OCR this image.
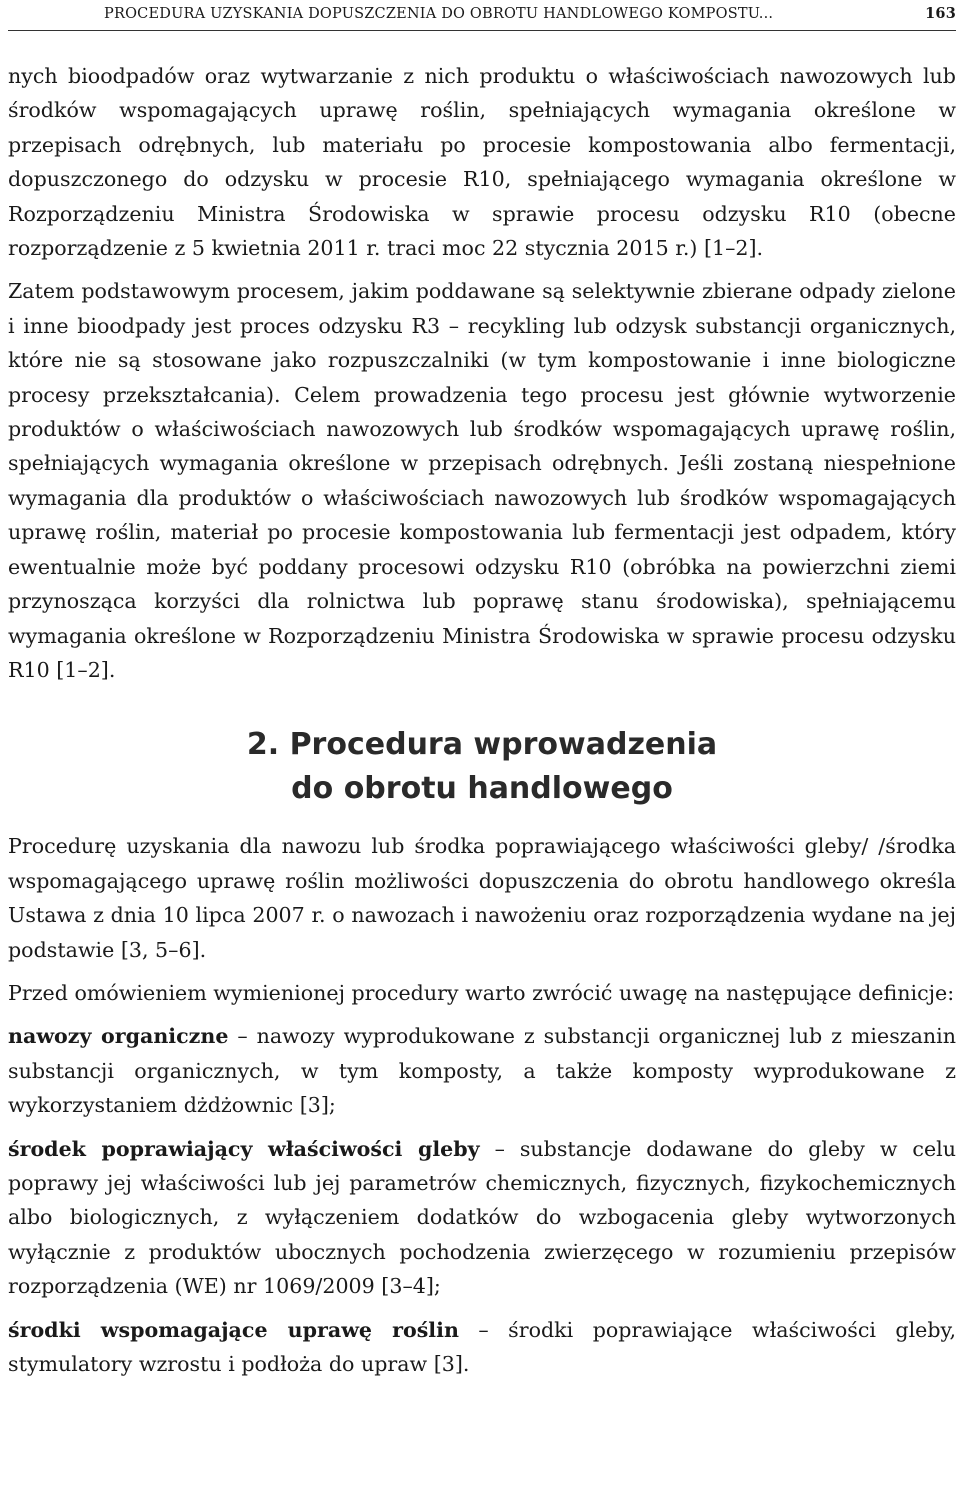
PROCEDURA UZYSKANIA DOPUSZCZENIA DO OBROTU HANDLOWEGO KOMPOSTU...	163

nych bioodpadów oraz wytwarzanie z nich produktu o właściwościach nawozowych lub środków wspomagających uprawę roślin, spełniających wymagania określone w przepisach odrębnych, lub materiału po procesie kompostowania albo fermentacji, dopuszczonego do odzysku w procesie R10, spełniającego wymagania określone w Rozporządzeniu Ministra Środowiska w sprawie procesu odzysku R10 (obecne rozporządzenie z 5 kwietnia 2011 r. traci moc 22 stycznia 2015 r.) [1–2].

Zatem podstawowym procesem, jakim poddawane są selektywnie zbierane odpady zielone i inne bioodpady jest proces odzysku R3 – recykling lub odzysk substancji organicznych, które nie są stosowane jako rozpuszczalniki (w tym kompostowanie i inne biologiczne procesy przekształcania). Celem prowadzenia tego procesu jest głównie wytworzenie produktów o właściwościach nawozowych lub środków wspomagających uprawę roślin, spełniających wymagania określone w przepisach odrębnych. Jeśli zostaną niespełnione wymagania dla produktów o właściwościach nawozowych lub środków wspomagających uprawę roślin, materiał po procesie kompostowania lub fermentacji jest odpadem, który ewentualnie może być poddany procesowi odzysku R10 (obróbka na powierzchni ziemi przynosząca korzyści dla rolnictwa lub poprawę stanu środowiska), spełniającemu wymagania określone w Rozporządzeniu Ministra Środowiska w sprawie procesu odzysku R10 [1–2].

2. Procedura wprowadzenia
do obrotu handlowego

Procedurę uzyskania dla nawozu lub środka poprawiającego właściwości gleby/ /środka wspomagającego uprawę roślin możliwości dopuszczenia do obrotu handlowego określa Ustawa z dnia 10 lipca 2007 r. o nawozach i nawożeniu oraz rozporządzenia wydane na jej podstawie [3, 5–6].

Przed omówieniem wymienionej procedury warto zwrócić uwagę na następujące definicje:

nawozy organiczne – nawozy wyprodukowane z substancji organicznej lub z mieszanin substancji organicznych, w tym komposty, a także komposty wyprodukowane z wykorzystaniem dżdżownic [3];

środek poprawiający właściwości gleby – substancje dodawane do gleby w celu poprawy jej właściwości lub jej parametrów chemicznych, fizycznych, fizykochemicznych albo biologicznych, z wyłączeniem dodatków do wzbogacenia gleby wytworzonych wyłącznie z produktów ubocznych pochodzenia zwierzęcego w rozumieniu przepisów rozporządzenia (WE) nr 1069/2009 [3–4];

środki wspomagające uprawę roślin – środki poprawiające właściwości gleby, stymulatory wzrostu i podłoża do upraw [3].
